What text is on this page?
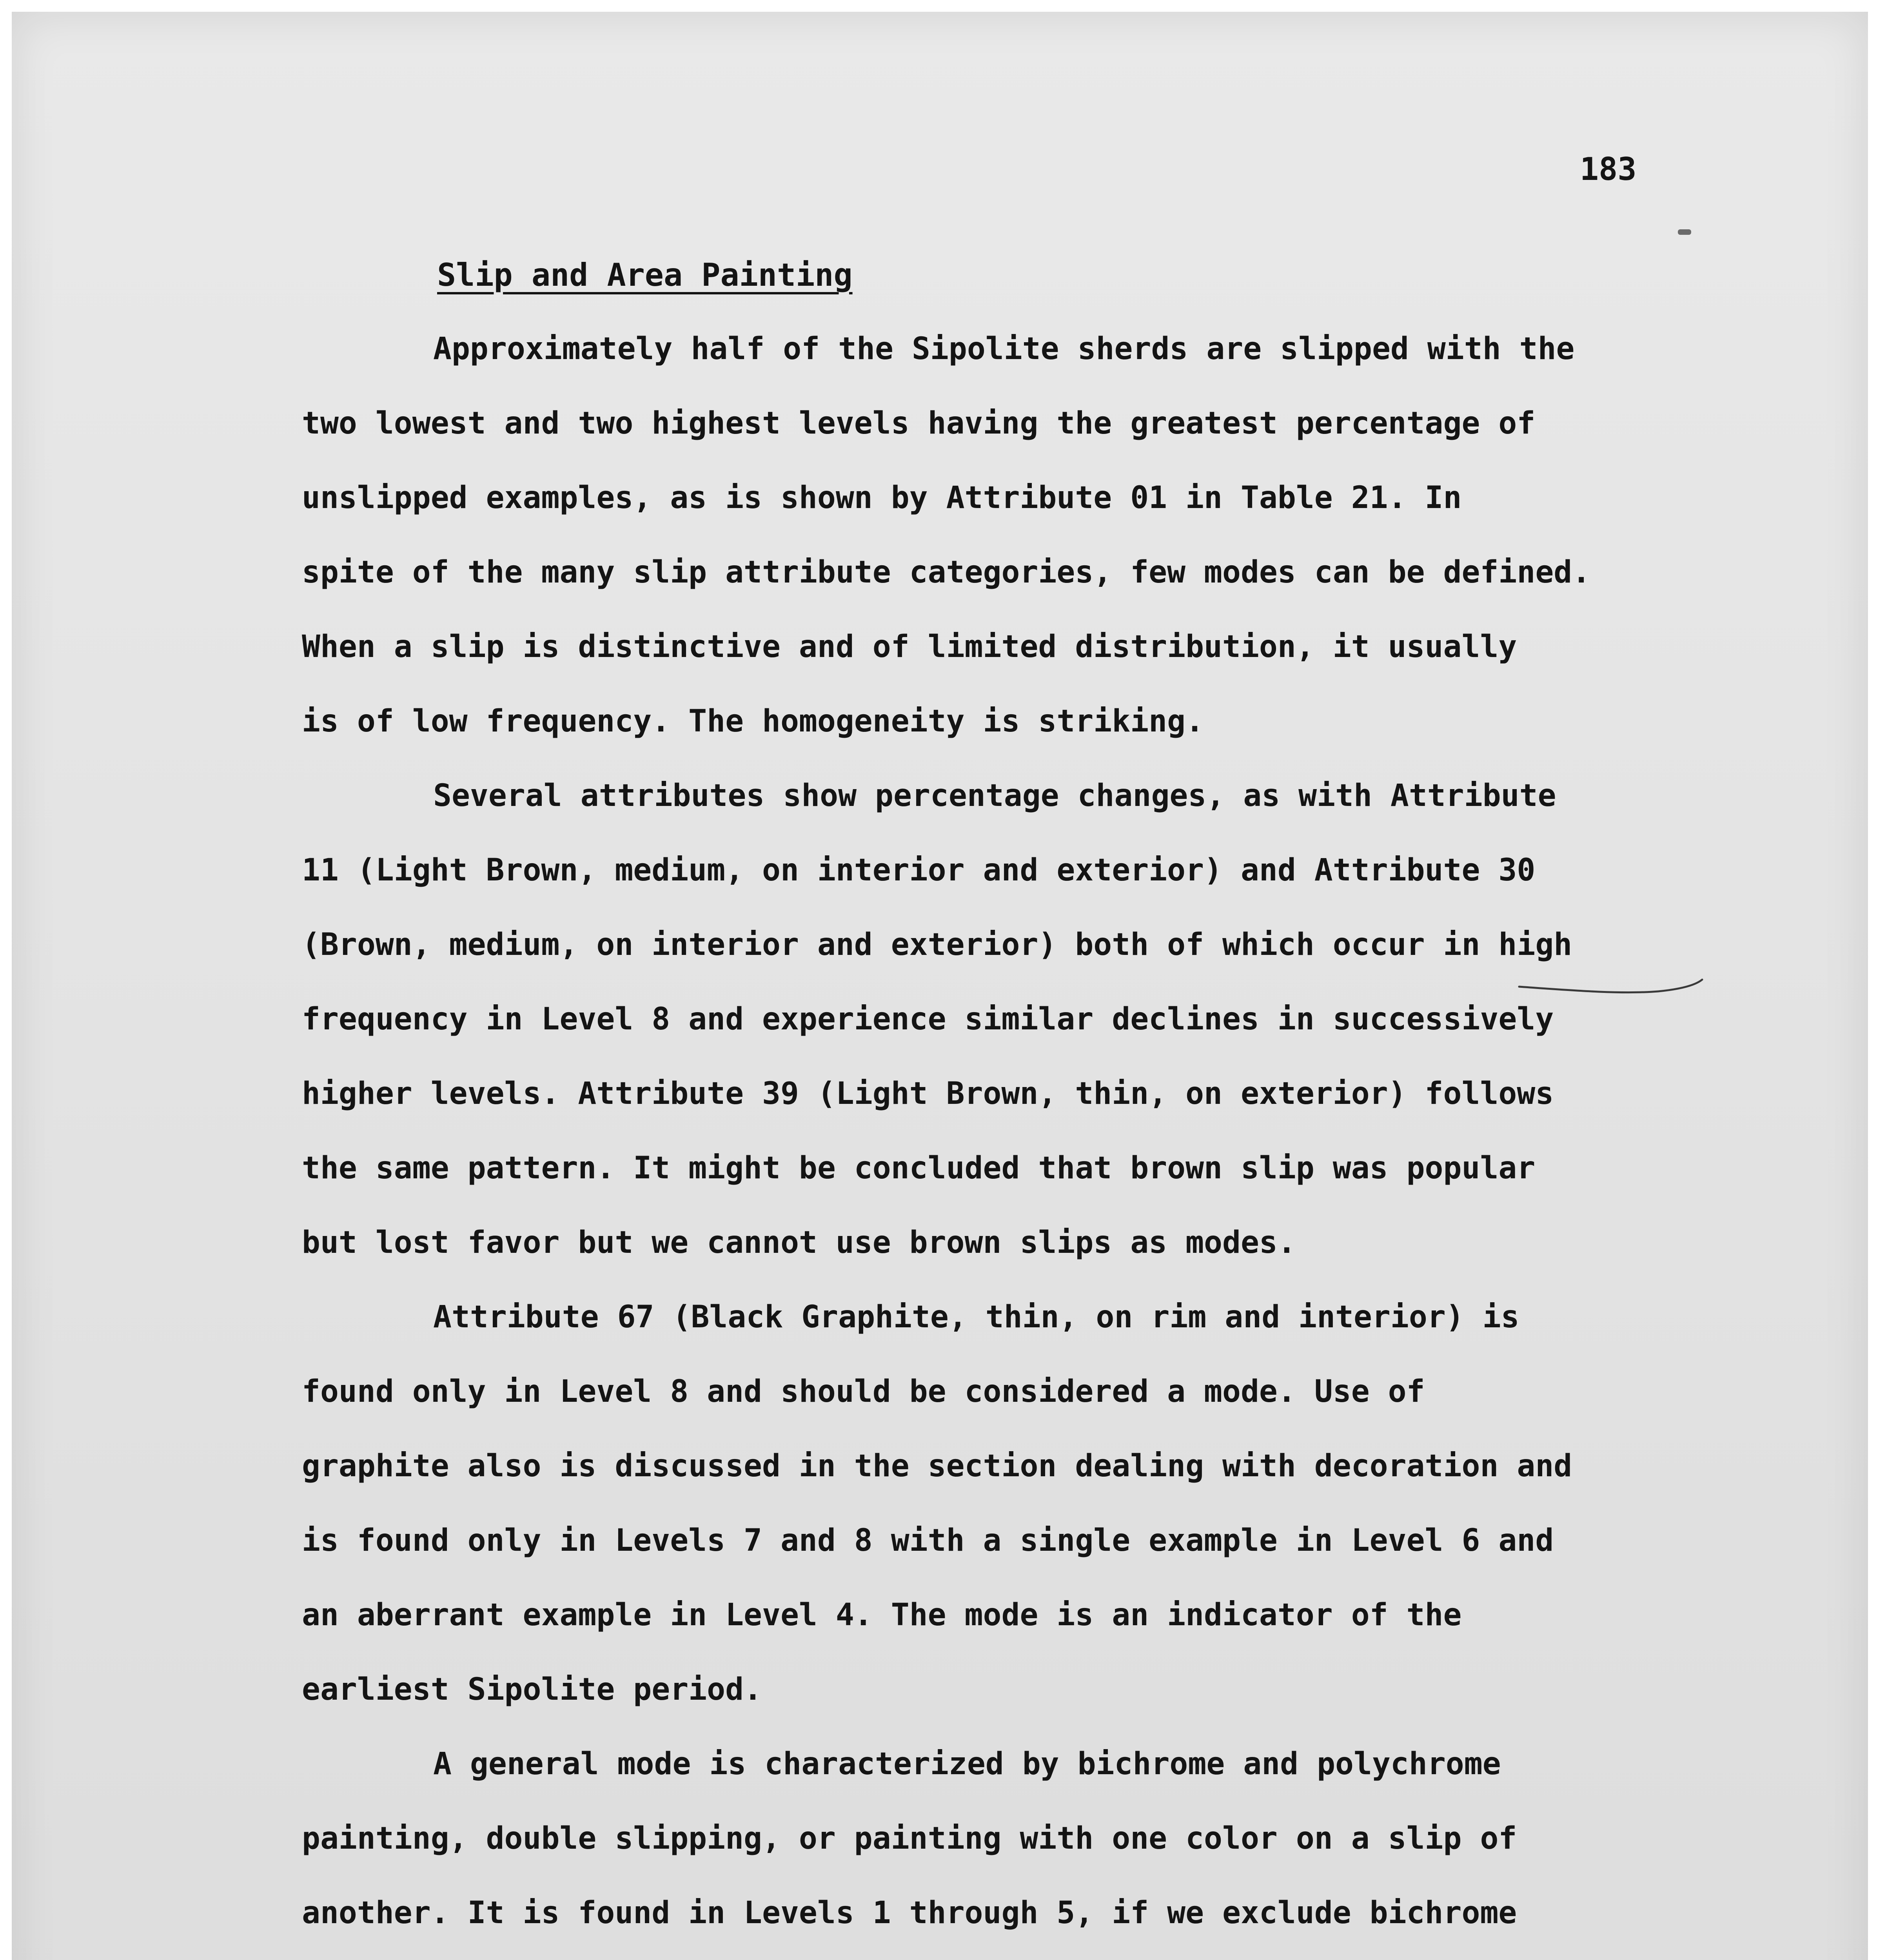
183

Slip and Area Painting

Approximately half of the Sipolite sherds are slipped with the

two lowest and two highest levels having the greatest percentage of

unslipped examples, as is shown by Attribute 01 in Table 21. In

spite of the many slip attribute categories, few modes can be defined.

When a slip is distinctive and of limited distribution, it usually

is of low frequency. The homogeneity is striking.

Several attributes show percentage changes, as with Attribute

11 (Light Brown, medium, on interior and exterior) and Attribute 30

(Brown, medium, on interior and exterior) both of which occur in high

frequency in Level 8 and experience similar declines in successively

higher levels. Attribute 39 (Light Brown, thin, on exterior) follows

the same pattern. It might be concluded that brown slip was popular

but lost favor but we cannot use brown slips as modes.

Attribute 67 (Black Graphite, thin, on rim and interior) is

found only in Level 8 and should be considered a mode. Use of

graphite also is discussed in the section dealing with decoration and

is found only in Levels 7 and 8 with a single example in Level 6 and

an aberrant example in Level 4. The mode is an indicator of the

earliest Sipolite period.

A general mode is characterized by bichrome and polychrome

painting, double slipping, or painting with one color on a slip of

another. It is found in Levels 1 through 5, if we exclude bichrome
